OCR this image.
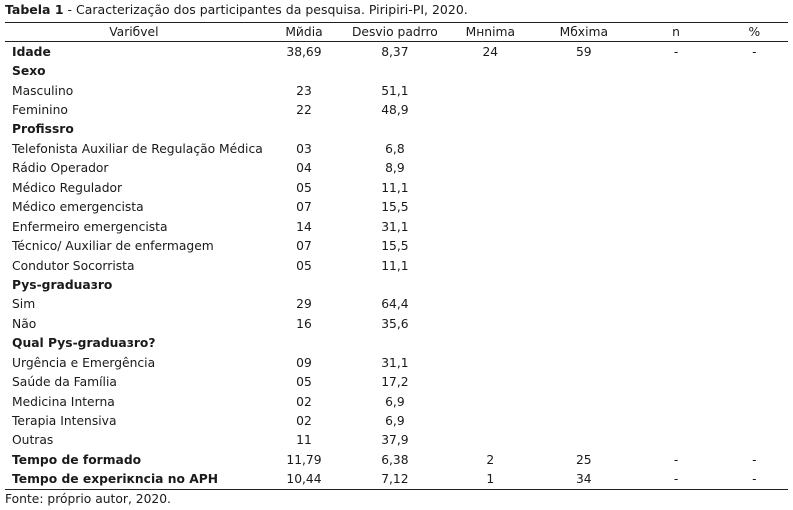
Tabela 1 - Caracterização dos participantes da pesquisa. Piripiri-PI, 2020.
Variбvel	Mйdia	Desvio padrro	Mнnima	Mбxima	n	%
Idade	38,69	8,37	24	59	-	-
Sexo						
Masculino	23	51,1				
Feminino	22	48,9				
Profissro						
Telefonista Auxiliar de Regulação Médica	03	6,8				
Rádio Operador	04	8,9				
Médico Regulador	05	11,1				
Médico emergencista	07	15,5				
Enfermeiro emergencista	14	31,1				
Técnico/ Auxiliar de enfermagem	07	15,5				
Condutor Socorrista	05	11,1				
Pys-graduaзro						
Sim	29	64,4				
Não	16	35,6				
Qual Pys-graduaзro?						
Urgência e Emergência	09	31,1				
Saúde da Família	05	17,2				
Medicina Interna	02	6,9				
Terapia Intensiva	02	6,9				
Outras	11	37,9				
Tempo de formado	11,79	6,38	2	25	-	-
Tempo de experiкncia no APH	10,44	7,12	1	34	-	-
Fonte: próprio autor, 2020.
